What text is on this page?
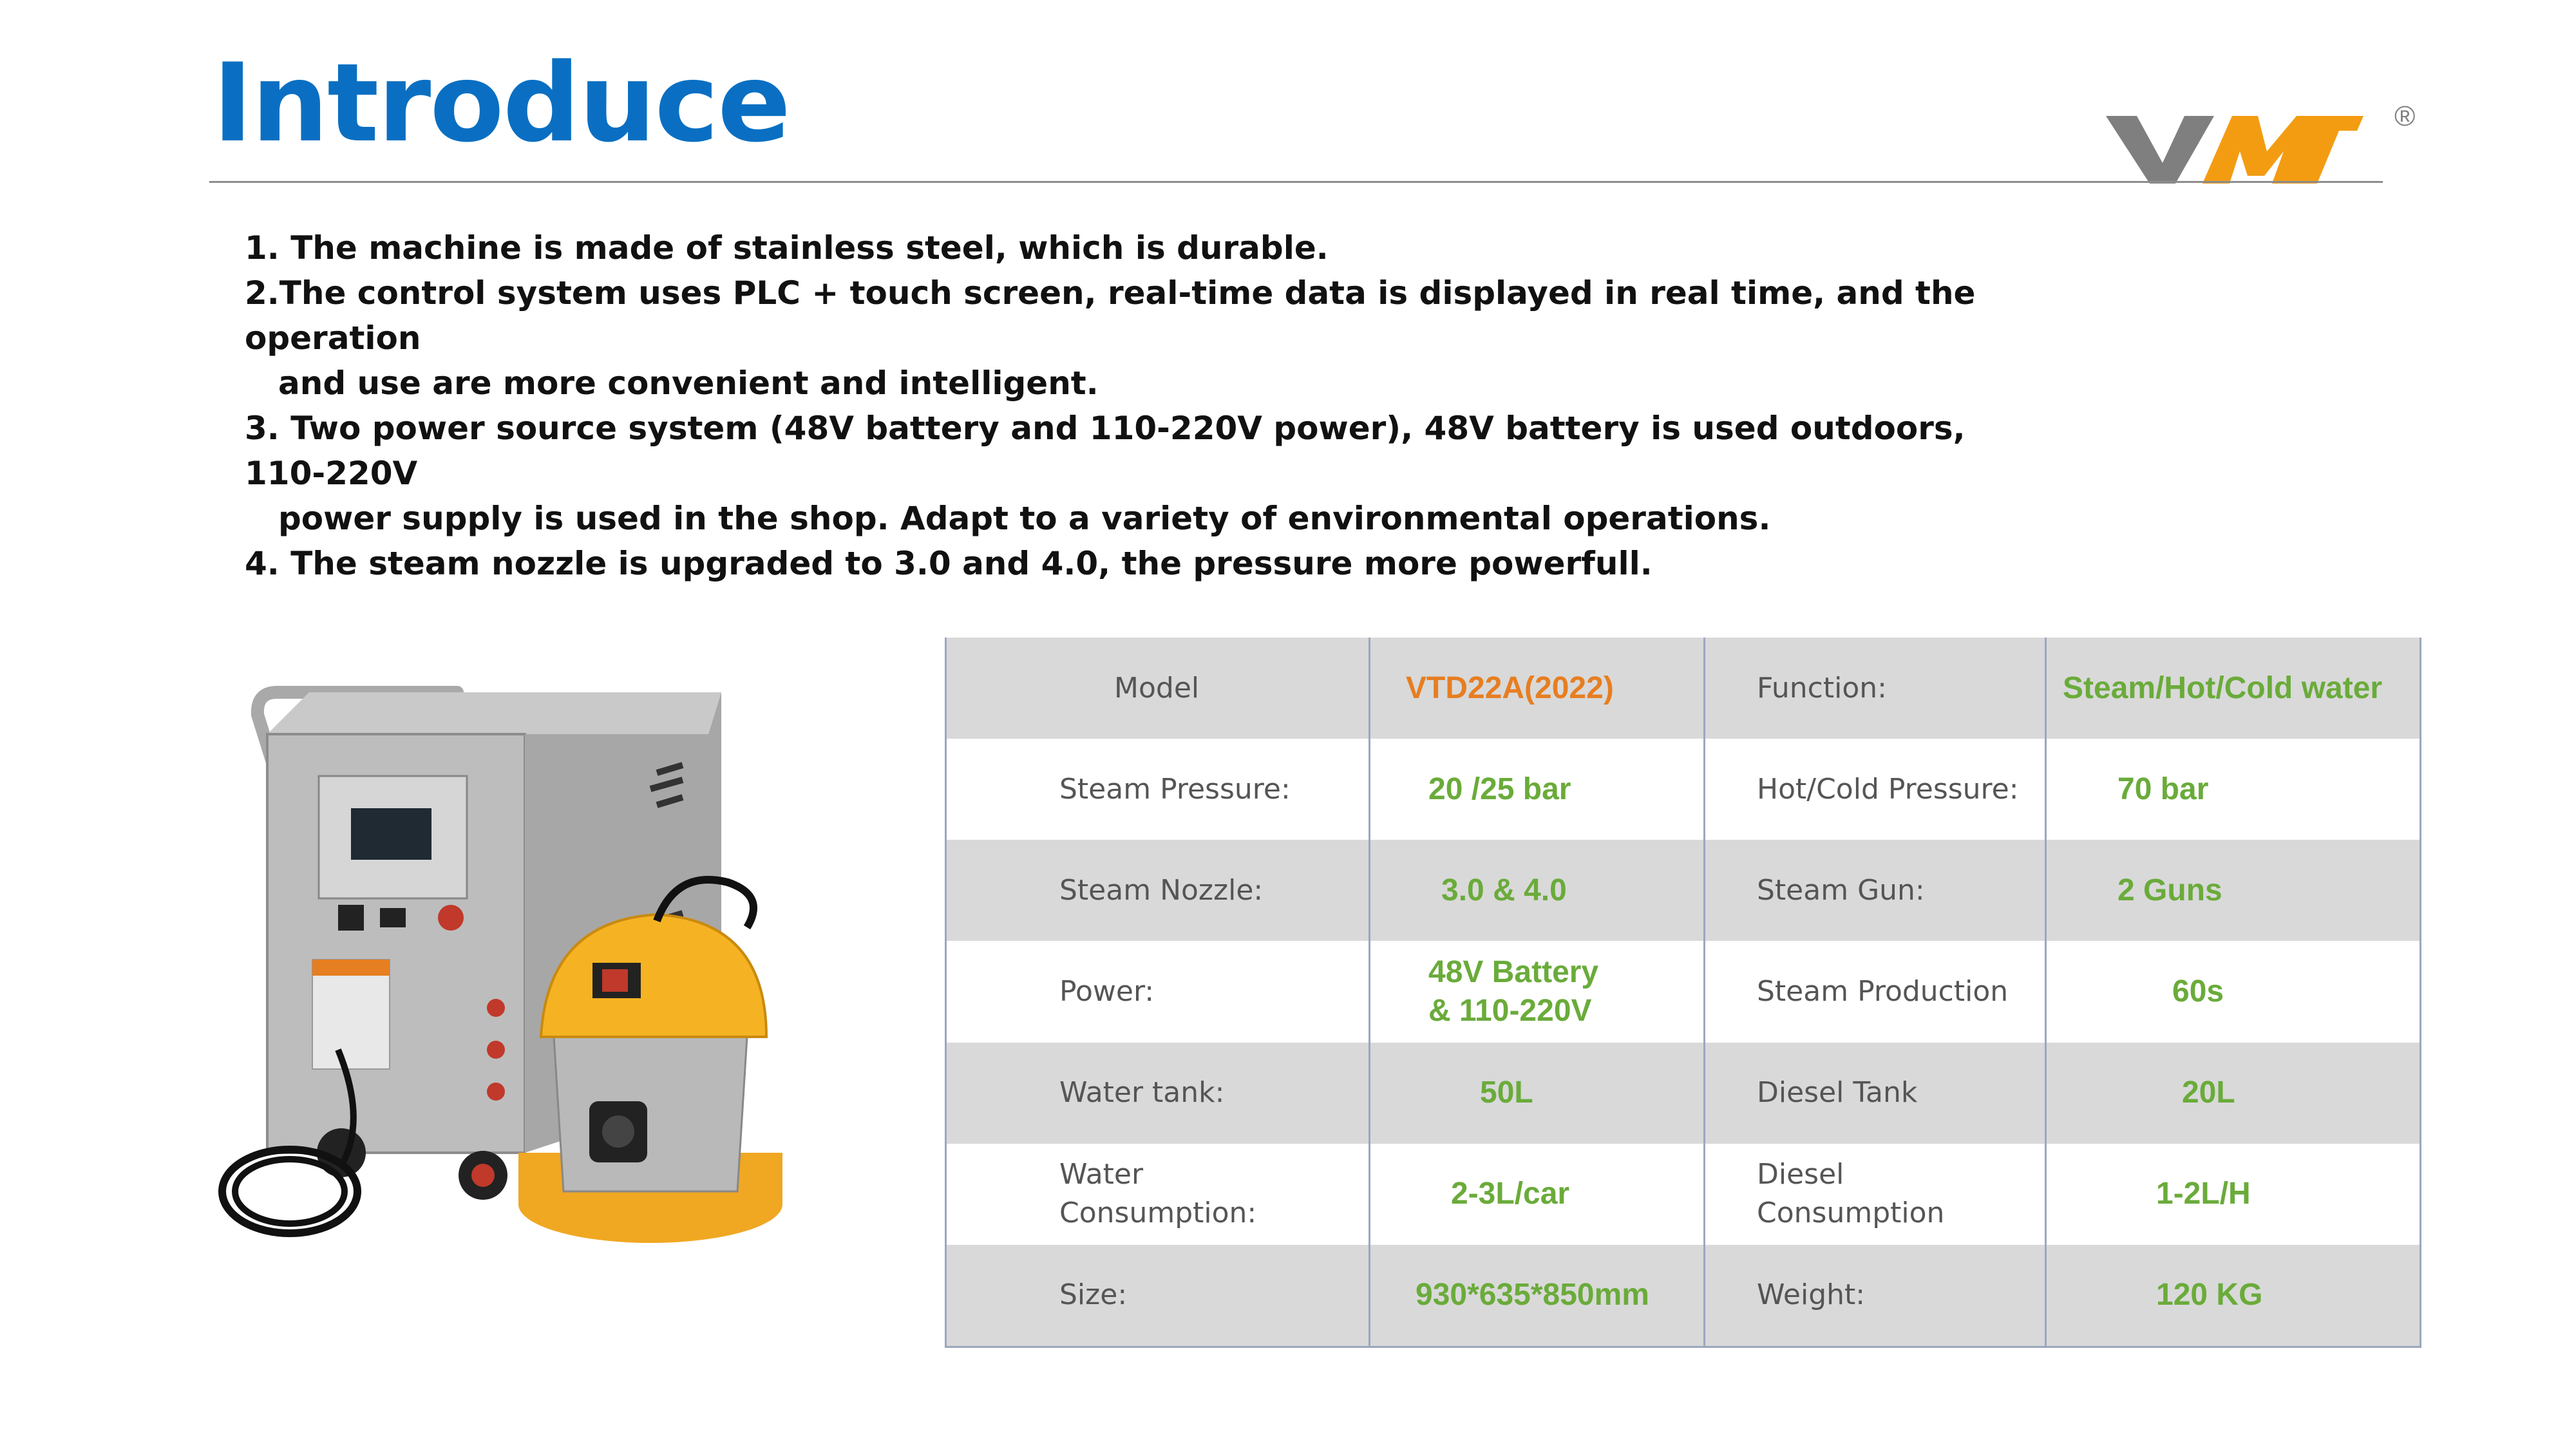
Introduce	®

1. The machine is made of stainless steel, which is durable.

2.The control system uses PLC + touch screen, real-time data is displayed in real time, and the operation

and use are more convenient and intelligent.

3. Two power source system (48V battery and 110-220V power), 48V battery is used outdoors, 110-220V

power supply is used in the shop. Adapt to a variety of environmental operations.

4. The steam nozzle is upgraded to 3.0 and 4.0, the pressure more powerfull.

Model	VTD22A(2022)	Function:	Steam/Hot/Cold water
Steam Pressure:	20 /25 bar	Hot/Cold Pressure:	70 bar
Steam Nozzle:	3.0 & 4.0	Steam Gun:	2 Guns
Power:	48V Battery
& 110-220V	Steam Production	60s
Water tank:	50L	Diesel Tank	20L
Water Consumption:	2-3L/car	Diesel Consumption	1-2L/H
Size:	930*635*850mm	Weight:	120 KG
